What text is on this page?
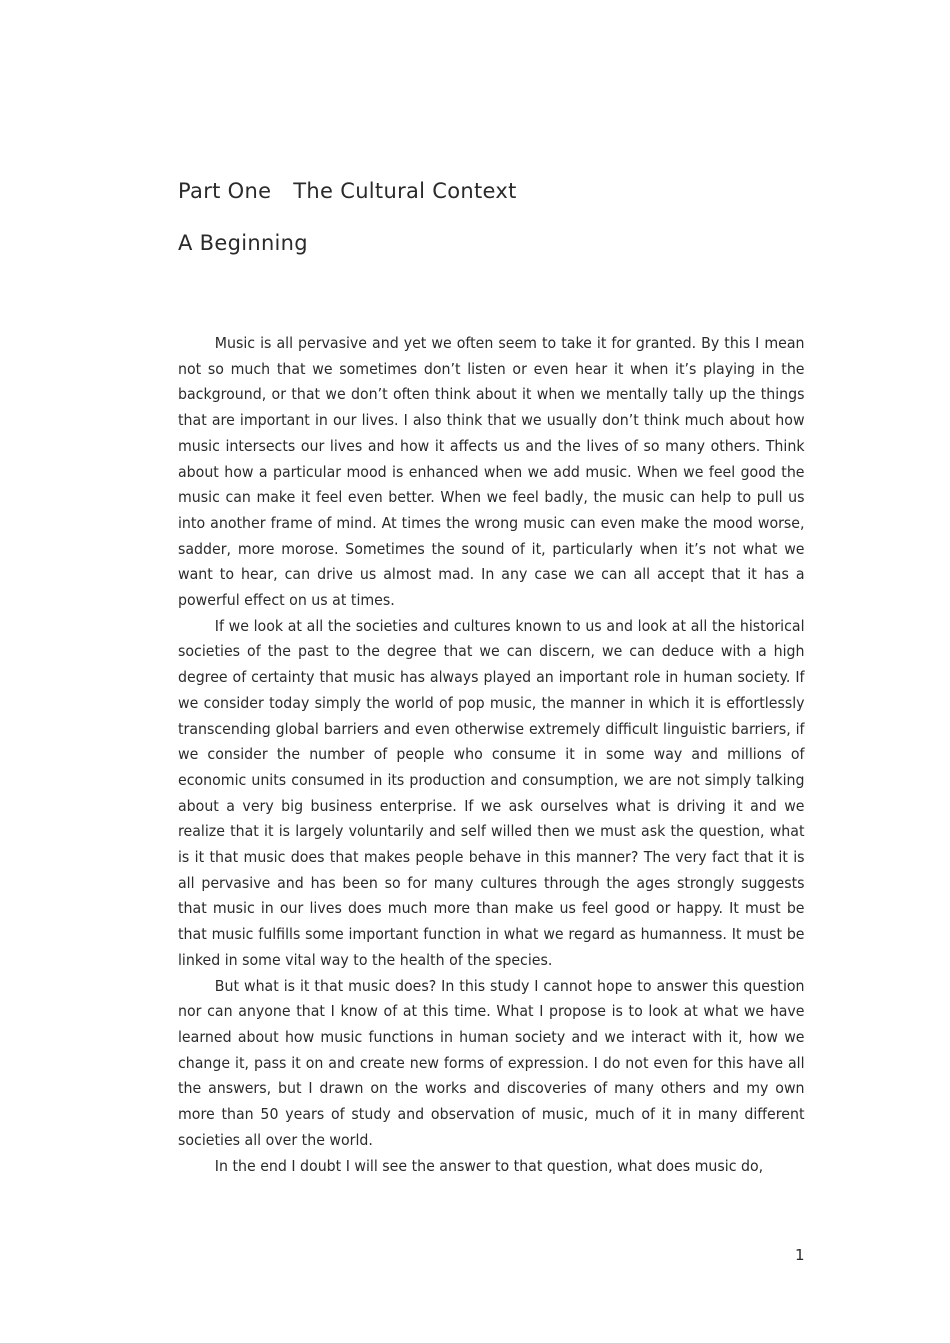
Part One The Cultural Context
A Beginning

Music is all pervasive and yet we often seem to take it for granted. By this I mean not so much that we sometimes don’t listen or even hear it when it’s playing in the background, or that we don’t often think about it when we mentally tally up the things that are important in our lives. I also think that we usually don’t think much about how music intersects our lives and how it affects us and the lives of so many others. Think about how a particular mood is enhanced when we add music. When we feel good the music can make it feel even better. When we feel badly, the music can help to pull us into another frame of mind. At times the wrong music can even make the mood worse, sadder, more morose. Sometimes the sound of it, particularly when it’s not what we want to hear, can drive us almost mad. In any case we can all accept that it has a powerful effect on us at times.

If we look at all the societies and cultures known to us and look at all the historical societies of the past to the degree that we can discern, we can deduce with a high degree of certainty that music has always played an important role in human society. If we consider today simply the world of pop music, the manner in which it is effortlessly transcending global barriers and even otherwise extremely difficult linguistic barriers, if we consider the number of people who consume it in some way and millions of economic units consumed in its production and consumption, we are not simply talking about a very big business enterprise. If we ask ourselves what is driving it and we realize that it is largely voluntarily and self willed then we must ask the question, what is it that music does that makes people behave in this manner? The very fact that it is all pervasive and has been so for many cultures through the ages strongly suggests that music in our lives does much more than make us feel good or happy. It must be that music fulfills some important function in what we regard as humanness. It must be linked in some vital way to the health of the species.

But what is it that music does? In this study I cannot hope to answer this question nor can anyone that I know of at this time. What I propose is to look at what we have learned about how music functions in human society and we interact with it, how we change it, pass it on and create new forms of expression. I do not even for this have all the answers, but I drawn on the works and discoveries of many others and my own more than 50 years of study and observation of music, much of it in many different societies all over the world.

In the end I doubt I will see the answer to that question, what does music do,

1
